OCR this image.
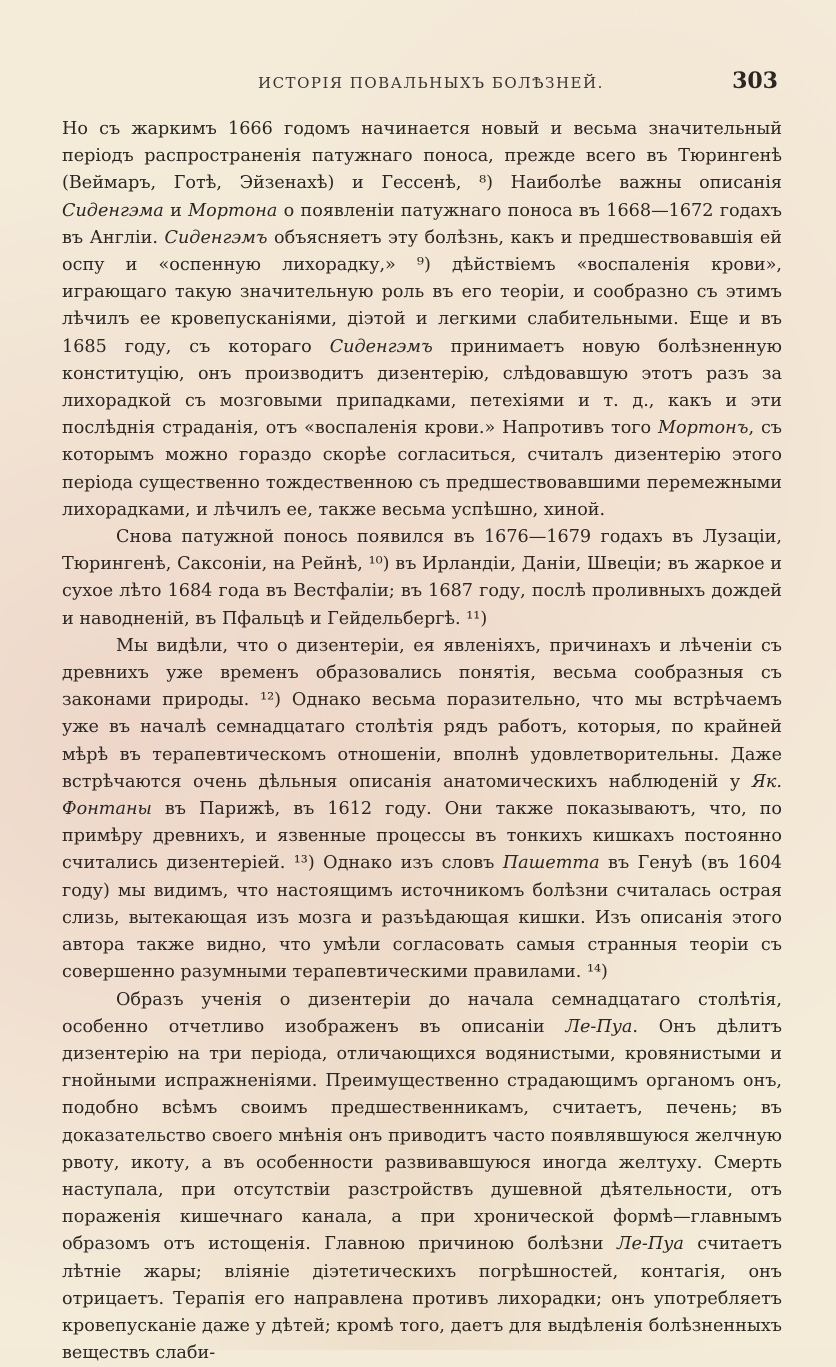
ИСТОРІЯ ПОВАЛЬНЫХЪ БОЛѢЗНЕЙ.	303

Но съ жаркимъ 1666 годомъ начинается новый и весьма значительный періодъ распространенія патужнаго поноса, прежде всего въ Тюрингенѣ (Веймаръ, Готѣ, Эйзенахѣ) и Гессенѣ, ⁸) Наиболѣе важны описанія Сиденгэма и Мортона о появленіи патужнаго поноса въ 1668—1672 годахъ въ Англіи. Сиденгэмъ объясняетъ эту болѣзнь, какъ и предшествовавшія ей оспу и «оспенную лихорадку,» ⁹) дѣйствіемъ «воспаленія крови», играющаго такую значительную роль въ его теоріи, и сообразно съ этимъ лѣчилъ ее кровепусканіями, діэтой и легкими слабительными. Еще и въ 1685 году, съ котораго Сиденгэмъ принимаетъ новую болѣзненную конституцію, онъ производитъ дизентерію, слѣдовавшую этотъ разъ за лихорадкой съ мозговыми припадками, петехіями и т. д., какъ и эти послѣднія страданія, отъ «воспаленія крови.» Напротивъ того Мортонъ, съ которымъ можно гораздо скорѣе согласиться, считалъ дизентерію этого періода существенно тождественною съ предшествовавшими перемежными лихорадками, и лѣчилъ ее, также весьма успѣшно, хиной.

Снова патужной понось появился въ 1676—1679 годахъ въ Лузаціи, Тюрингенѣ, Саксоніи, на Рейнѣ, ¹⁰) въ Ирландіи, Даніи, Швеціи; въ жаркое и сухое лѣто 1684 года въ Вестфаліи; въ 1687 году, послѣ проливныхъ дождей и наводненій, въ Пфальцѣ и Гейдельбергѣ. ¹¹)

Мы видѣли, что о дизентеріи, ея явленіяхъ, причинахъ и лѣченіи съ древнихъ уже временъ образовались понятія, весьма сообразныя съ законами природы. ¹²) Однако весьма поразительно, что мы встрѣчаемъ уже въ началѣ семнадцатаго столѣтія рядъ работъ, которыя, по крайней мѣрѣ въ терапевтическомъ отношеніи, вполнѣ удовлетворительны. Даже встрѣчаются очень дѣльныя описанія анатомическихъ наблюденій у Як. Фонтаны въ Парижѣ, въ 1612 году. Они также показываютъ, что, по примѣру древнихъ, и язвенные процессы въ тонкихъ кишкахъ постоянно считались дизентеріей. ¹³) Однако изъ словъ Пашетта въ Генуѣ (въ 1604 году) мы видимъ, что настоящимъ источникомъ болѣзни считалась острая слизь, вытекающая изъ мозга и разъѣдающая кишки. Изъ описанія этого автора также видно, что умѣли согласовать самыя странныя теоріи съ совершенно разумными терапевтическими правилами. ¹⁴)

Образъ ученія о дизентеріи до начала семнадцатаго столѣтія, особенно отчетливо изображенъ въ описаніи Ле-Пуа. Онъ дѣлитъ дизентерію на три періода, отличающихся водянистыми, кровянистыми и гнойными испражненіями. Преимущественно страдающимъ органомъ онъ, подобно всѣмъ своимъ предшественникамъ, считаетъ, печень; въ доказательство своего мнѣнія онъ приводитъ часто появлявшуюся желчную рвоту, икоту, а въ особенности развивавшуюся иногда желтуху. Смерть наступала, при отсутствіи разстройствъ душевной дѣятельности, отъ пораженія кишечнаго канала, а при хронической формѣ—главнымъ образомъ отъ истощенія. Главною причиною болѣзни Ле-Пуа считаетъ лѣтніе жары; вліяніе діэтетическихъ погрѣшностей, контагія, онъ отрицаетъ. Терапія его направлена противъ лихорадки; онъ употребляетъ кровепусканіе даже у дѣтей; кромѣ того, даетъ для выдѣленія болѣзненныхъ веществъ слаби-
